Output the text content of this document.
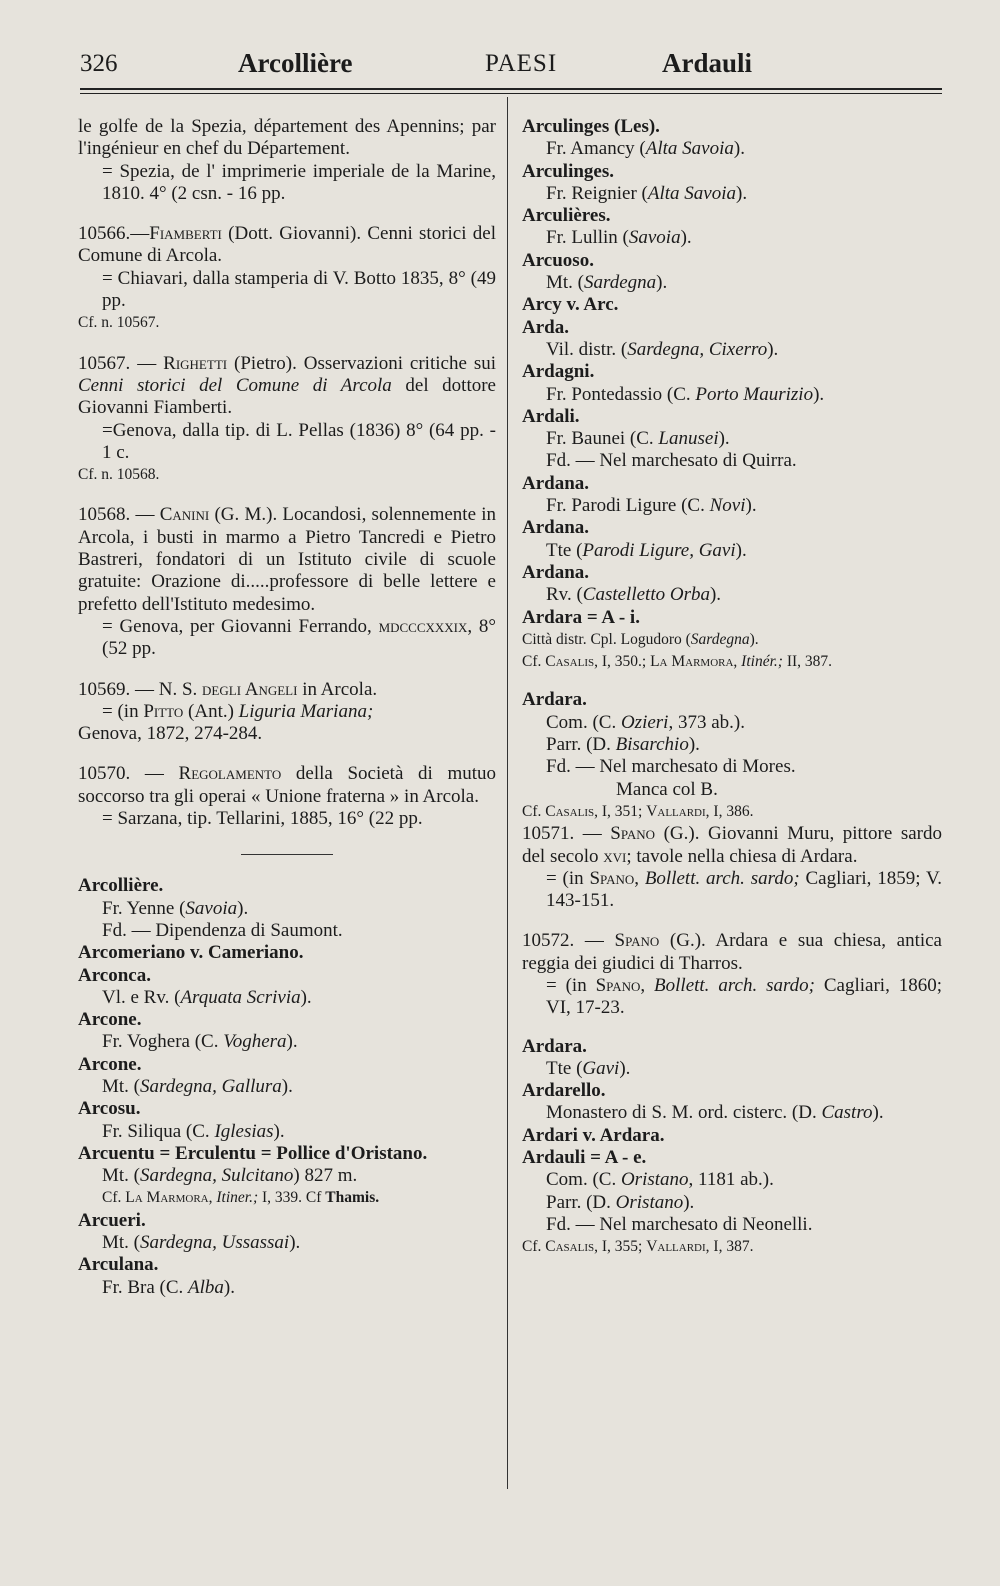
326	Arcollière	PAESI	Ardauli

le golfe de la Spezia, département des Apennins; par l'ingénieur en chef du Département.

= Spezia, de l' imprimerie imperiale de la Marine, 1810. 4° (2 csn. - 16 pp.

10566.—Fiamberti (Dott. Giovanni). Cenni storici del Comune di Arcola.

= Chiavari, dalla stamperia di V. Botto 1835, 8° (49 pp.

Cf. n. 10567.

10567. — Righetti (Pietro). Osservazioni critiche sui Cenni storici del Comune di Arcola del dottore Giovanni Fiamberti.

=Genova, dalla tip. di L. Pellas (1836) 8° (64 pp. - 1 c.

Cf. n. 10568.

10568. — Canini (G. M.). Locandosi, solennemente in Arcola, i busti in marmo a Pietro Tancredi e Pietro Bastreri, fondatori di un Istituto civile di scuole gratuite: Orazione di.....professore di belle lettere e prefetto dell'Istituto medesimo.

= Genova, per Giovanni Ferrando, mdcccxxxix, 8° (52 pp.

10569. — N. S. degli Angeli in Arcola.

= (in Pitto (Ant.) Liguria Mariana;

Genova, 1872, 274-284.

10570. — Regolamento della Società di mutuo soccorso tra gli operai « Unione fraterna » in Arcola.

= Sarzana, tip. Tellarini, 1885, 16° (22 pp.

Arcollière.

Fr. Yenne (Savoia).

Fd. — Dipendenza di Saumont.

Arcomeriano v. Cameriano.

Arconca.

Vl. e Rv. (Arquata Scrivia).

Arcone.

Fr. Voghera (C. Voghera).

Arcone.

Mt. (Sardegna, Gallura).

Arcosu.

Fr. Siliqua (C. Iglesias).

Arcuentu = Erculentu = Pollice d'Oristano.

Mt. (Sardegna, Sulcitano) 827 m.

Cf. La Marmora, Itiner.; I, 339. Cf Thamis.

Arcueri.

Mt. (Sardegna, Ussassai).

Arculana.

Fr. Bra (C. Alba).

Arculinges (Les).

Fr. Amancy (Alta Savoia).

Arculinges.

Fr. Reignier (Alta Savoia).

Arculières.

Fr. Lullin (Savoia).

Arcuoso.

Mt. (Sardegna).

Arcy v. Arc.

Arda.

Vil. distr. (Sardegna, Cixerro).

Ardagni.

Fr. Pontedassio (C. Porto Maurizio).

Ardali.

Fr. Baunei (C. Lanusei).

Fd. — Nel marchesato di Quirra.

Ardana.

Fr. Parodi Ligure (C. Novi).

Ardana.

Tte (Parodi Ligure, Gavi).

Ardana.

Rv. (Castelletto Orba).

Ardara = A - i.

Città distr. Cpl. Logudoro (Sardegna).

Cf. Casalis, I, 350.; La Marmora, Itinér.; II, 387.

Ardara.

Com. (C. Ozieri, 373 ab.).

Parr. (D. Bisarchio).

Fd. — Nel marchesato di Mores.

Manca col B.

Cf. Casalis, I, 351; Vallardi, I, 386.

10571. — Spano (G.). Giovanni Muru, pittore sardo del secolo xvi; tavole nella chiesa di Ardara.

= (in Spano, Bollett. arch. sardo; Cagliari, 1859; V. 143-151.

10572. — Spano (G.). Ardara e sua chiesa, antica reggia dei giudici di Tharros.

= (in Spano, Bollett. arch. sardo; Cagliari, 1860; VI, 17-23.

Ardara.

Tte (Gavi).

Ardarello.

Monastero di S. M. ord. cisterc. (D. Castro).

Ardari v. Ardara.

Ardauli = A - e.

Com. (C. Oristano, 1181 ab.).

Parr. (D. Oristano).

Fd. — Nel marchesato di Neonelli.

Cf. Casalis, I, 355; Vallardi, I, 387.
